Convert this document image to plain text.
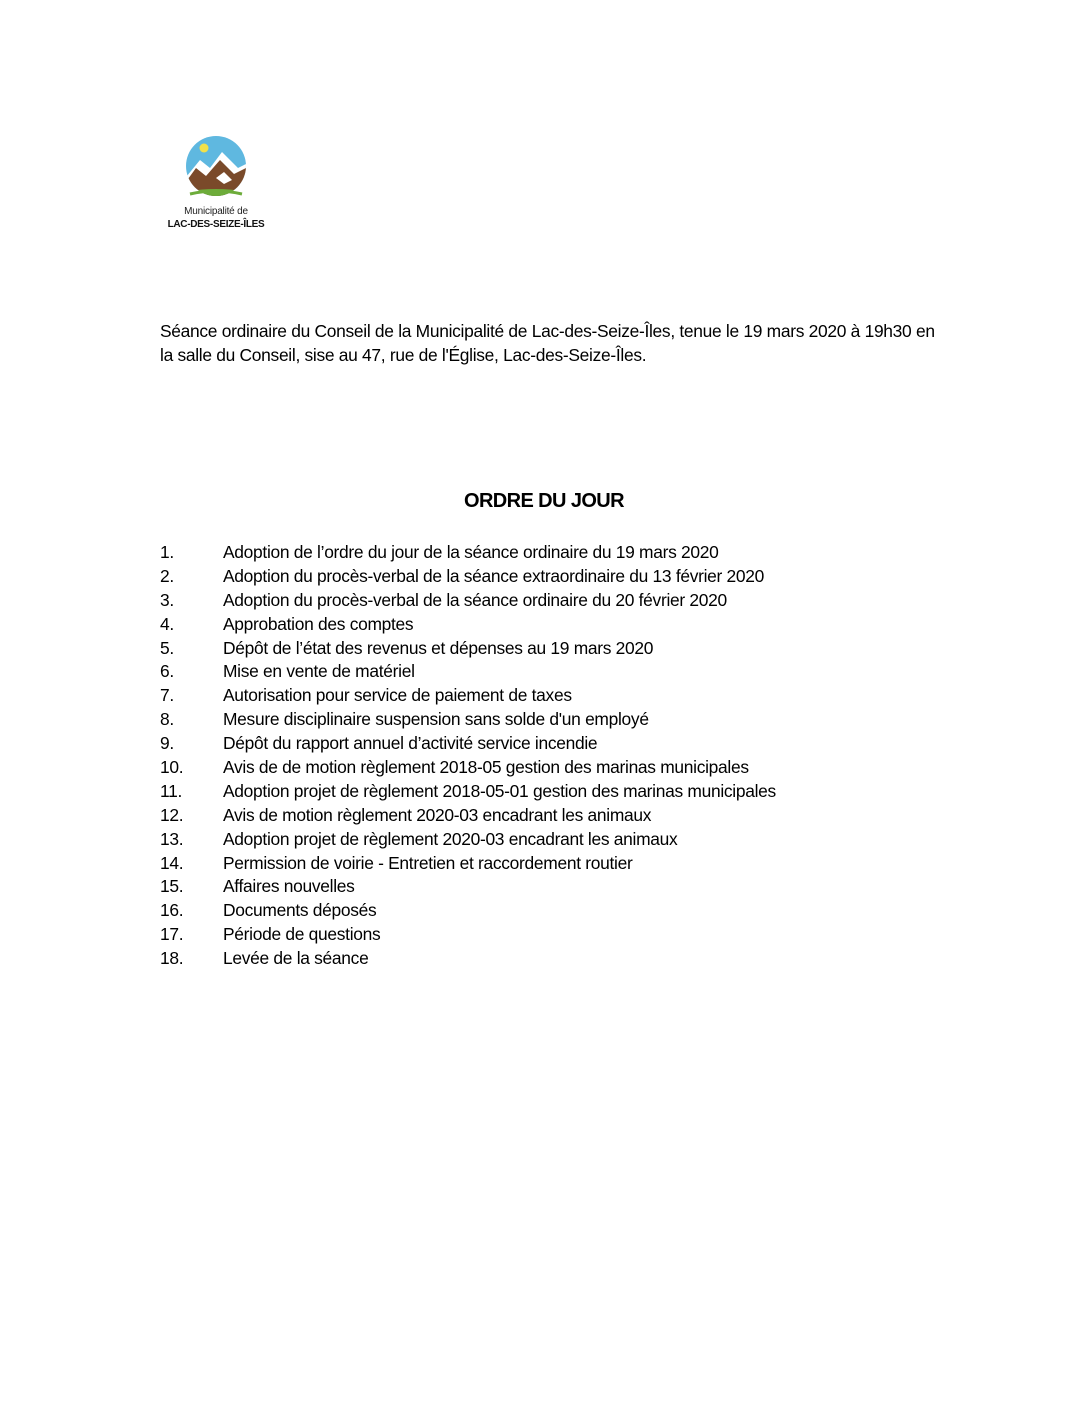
Municipalité de
LAC-DES-SEIZE-ÎLES
Séance ordinaire du Conseil de la Municipalité de Lac-des-Seize-Îles, tenue le 19 mars 2020 à 19h30 en la salle du Conseil, sise au 47, rue de l'Église, Lac-des-Seize-Îles.
ORDRE DU JOUR
1.	Adoption de l’ordre du jour de la séance ordinaire du 19 mars 2020
2.	Adoption du procès-verbal de la séance extraordinaire du 13 février 2020
3.	Adoption du procès-verbal de la séance ordinaire du 20 février 2020
4.	Approbation des comptes
5.	Dépôt de l’état des revenus et dépenses au 19 mars 2020
6.	Mise en vente de matériel
7.	Autorisation pour service de paiement de taxes
8.	Mesure disciplinaire suspension sans solde d'un employé
9.	Dépôt du rapport annuel d’activité service incendie
10.	Avis de de motion règlement 2018-05 gestion des marinas municipales
11.	Adoption projet de règlement 2018-05-01 gestion des marinas municipales
12.	Avis de motion règlement 2020-03 encadrant les animaux
13.	Adoption projet de règlement 2020-03 encadrant les animaux
14.	Permission de voirie - Entretien et raccordement routier
15.	Affaires nouvelles
16.	Documents déposés
17.	Période de questions
18.	Levée de la séance
